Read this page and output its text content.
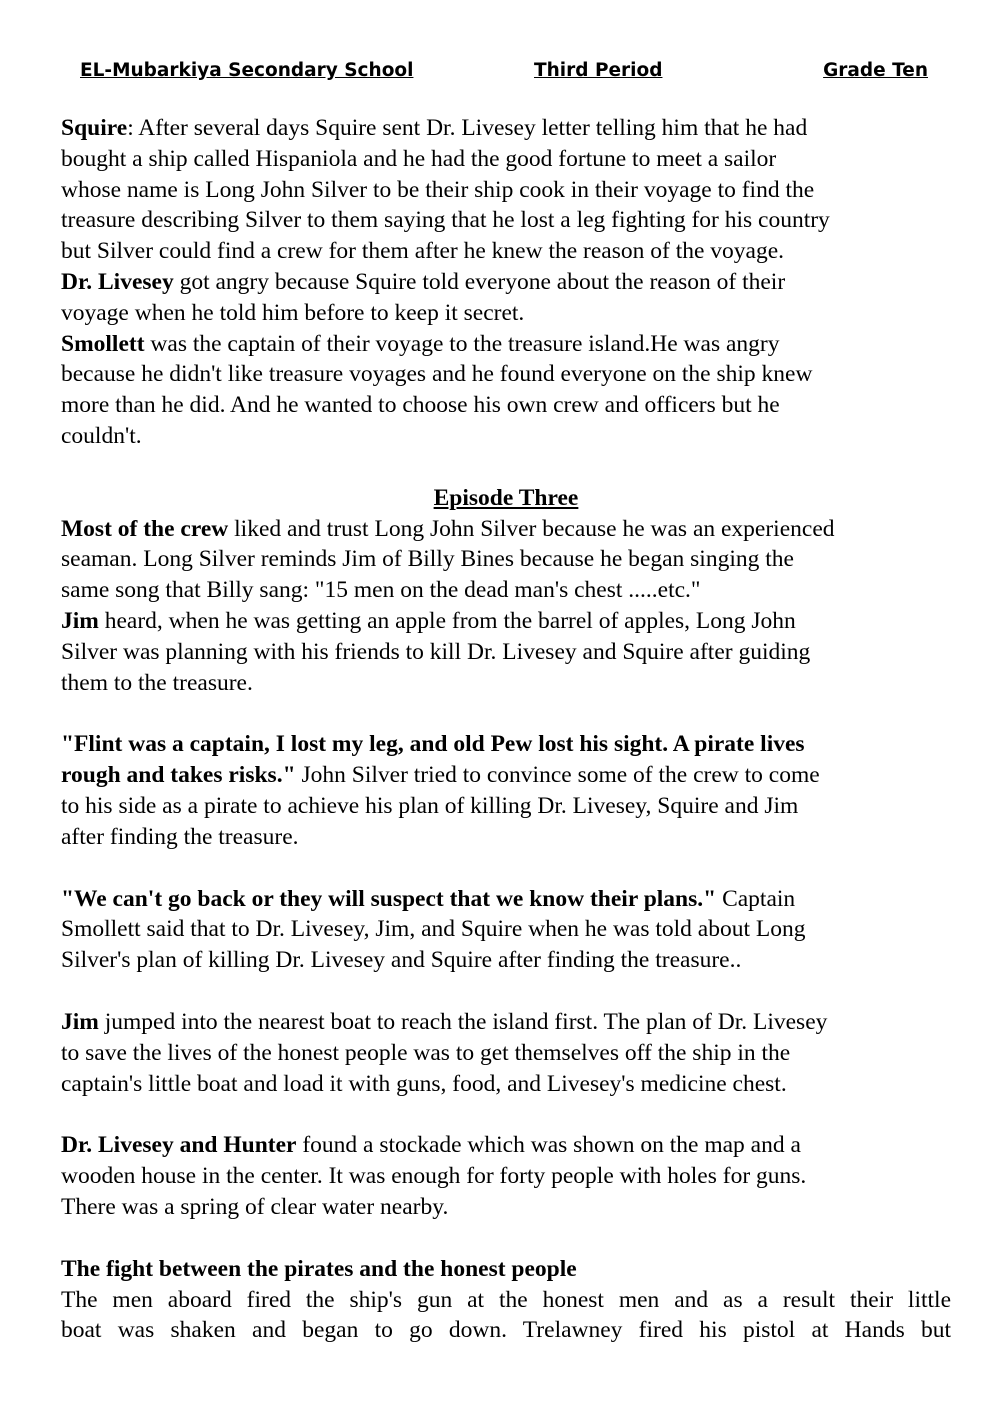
EL-Mubarkiya Secondary School	Third Period	Grade Ten

Squire: After several days Squire sent Dr. Livesey letter telling him that he had
bought a ship called Hispaniola and he had the good fortune to meet a sailor
whose name is Long John Silver to be their ship cook in their voyage to find the
treasure describing Silver to them saying that he lost a leg fighting for his country
but Silver could find a crew for them after he knew the reason of the voyage.

Dr. Livesey got angry because Squire told everyone about the reason of their
voyage when he told him before to keep it secret.

Smollett was the captain of their voyage to the treasure island.He was angry
because he didn't like treasure voyages and he found everyone on the ship knew
more than he did. And he wanted to choose his own crew and officers but he
couldn't.

Episode Three

Most of the crew liked and trust Long John Silver because he was an experienced
seaman. Long Silver reminds Jim of Billy Bines because he began singing the
same song that Billy sang: "15 men on the dead man's chest .....etc."

Jim heard, when he was getting an apple from the barrel of apples, Long John
Silver was planning with his friends to kill Dr. Livesey and Squire after guiding
them to the treasure.

"Flint was a captain, I lost my leg, and old Pew lost his sight. A pirate lives
rough and takes risks." John Silver tried to convince some of the crew to come
to his side as a pirate to achieve his plan of killing Dr. Livesey, Squire and Jim
after finding the treasure.

"We can't go back or they will suspect that we know their plans." Captain
Smollett said that to Dr. Livesey, Jim, and Squire when he was told about Long
Silver's plan of killing Dr. Livesey and Squire after finding the treasure..

Jim jumped into the nearest boat to reach the island first. The plan of Dr. Livesey
to save the lives of the honest people was to get themselves off the ship in the
captain's little boat and load it with guns, food, and Livesey's medicine chest.

Dr. Livesey and Hunter found a stockade which was shown on the map and a
wooden house in the center. It was enough for forty people with holes for guns.
There was a spring of clear water nearby.

The fight between the pirates and the honest people

The men aboard fired the ship's gun at the honest men and as a result their little

boat was shaken and began to go down. Trelawney fired his pistol at Hands but
